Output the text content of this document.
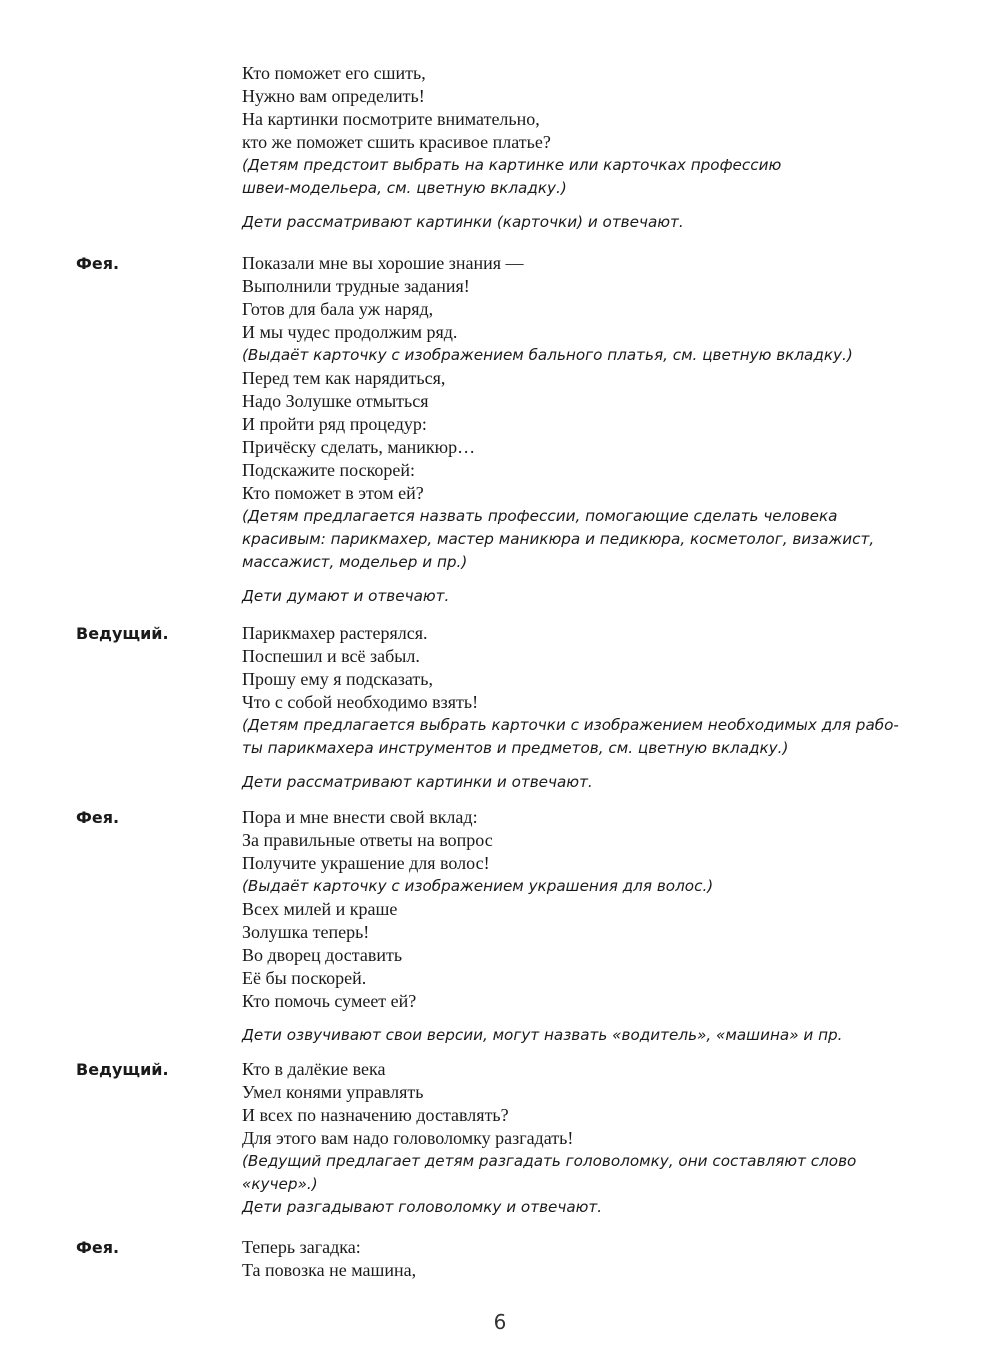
Кто поможет его сшить,
Нужно вам определить!
На картинки посмотрите внимательно,
кто же поможет сшить красивое платье?
(Детям предстоит выбрать на картинке или карточках профессию
швеи-модельера, см. цветную вкладку.)
Дети рассматривают картинки (карточки) и отвечают.
Фея.	Показали мне вы хорошие знания —
Выполнили трудные задания!
Готов для бала уж наряд,
И мы чудес продолжим ряд.
(Выдаёт карточку с изображением бального платья, см. цветную вкладку.)
Перед тем как нарядиться,
Надо Золушке отмыться
И пройти ряд процедур:
Причёску сделать, маникюр…
Подскажите поскорей:
Кто поможет в этом ей?
(Детям предлагается назвать профессии, помогающие сделать человека
красивым: парикмахер, мастер маникюра и педикюра, косметолог, визажист,
массажист, модельер и пр.)
Дети думают и отвечают.
Ведущий.	Парикмахер растерялся.
Поспешил и всё забыл.
Прошу ему я подсказать,
Что с собой необходимо взять!
(Детям предлагается выбрать карточки с изображением необходимых для рабо-
ты парикмахера инструментов и предметов, см. цветную вкладку.)
Дети рассматривают картинки и отвечают.
Фея.	Пора и мне внести свой вклад:
За правильные ответы на вопрос
Получите украшение для волос!
(Выдаёт карточку с изображением украшения для волос.)
Всех милей и краше
Золушка теперь!
Во дворец доставить
Её бы поскорей.
Кто помочь сумеет ей?
Дети озвучивают свои версии, могут назвать «водитель», «машина» и пр.
Ведущий.	Кто в далёкие века
Умел конями управлять
И всех по назначению доставлять?
Для этого вам надо головоломку разгадать!
(Ведущий предлагает детям разгадать головоломку, они составляют слово
«кучер».)
Дети разгадывают головоломку и отвечают.
Фея.	Теперь загадка:
Та повозка не машина,
6
